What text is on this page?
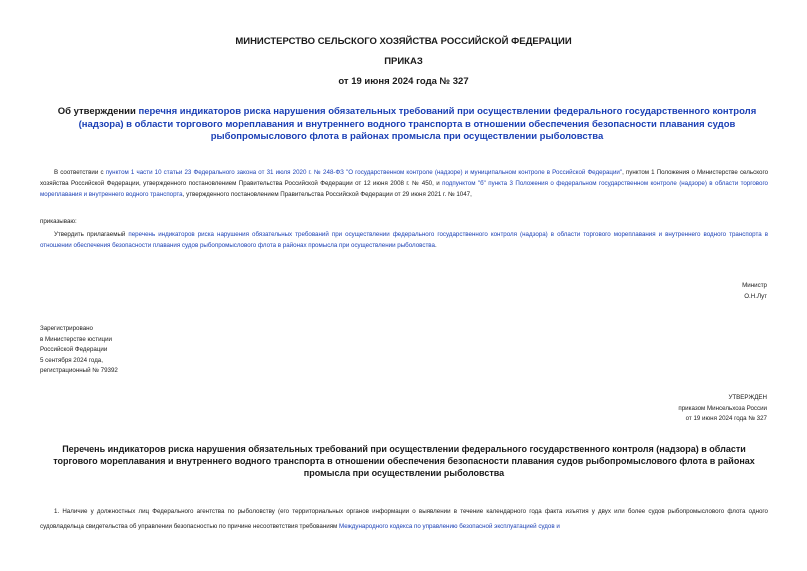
МИНИСТЕРСТВО СЕЛЬСКОГО ХОЗЯЙСТВА РОССИЙСКОЙ ФЕДЕРАЦИИ
ПРИКАЗ
от 19 июня 2024 года № 327
Об утверждении перечня индикаторов риска нарушения обязательных требований при осуществлении федерального государственного контроля (надзора) в области торгового мореплавания и внутреннего водного транспорта в отношении обеспечения безопасности плавания судов рыбопромыслового флота в районах промысла при осуществлении рыболовства
В соответствии с пунктом 1 части 10 статьи 23 Федерального закона от 31 июля 2020 г. № 248-ФЗ "О государственном контроле (надзоре) и муниципальном контроле в Российской Федерации", пунктом 1 Положения о Министерстве сельского хозяйства Российской Федерации, утвержденного постановлением Правительства Российской Федерации от 12 июня 2008 г. № 450, и подпунктом "б" пункта 3 Положения о федеральном государственном контроле (надзоре) в области торгового мореплавания и внутреннего водного транспорта, утвержденного постановлением Правительства Российской Федерации от 29 июня 2021 г. № 1047,
приказываю:
Утвердить прилагаемый перечень индикаторов риска нарушения обязательных требований при осуществлении федерального государственного контроля (надзора) в области торгового мореплавания и внутреннего водного транспорта в отношении обеспечения безопасности плавания судов рыбопромыслового флота в районах промысла при осуществлении рыболовства.
Министр
О.Н.Лут
Зарегистрировано
в Министерстве юстиции
Российской Федерации
5 сентября 2024 года,
регистрационный № 79392
УТВЕРЖДЕН
приказом Минсельхоза России
от 19 июня 2024 года № 327
Перечень индикаторов риска нарушения обязательных требований при осуществлении федерального государственного контроля (надзора) в области торгового мореплавания и внутреннего водного транспорта в отношении обеспечения безопасности плавания судов рыбопромыслового флота в районах промысла при осуществлении рыболовства
1. Наличие у должностных лиц Федерального агентства по рыболовству (его территориальных органов информации о выявлении в течение календарного года факта изъятия у двух или более судов рыбопромыслового флота одного судовладельца свидетельства об управлении безопасностью по причине несоответствия требованиям Международного кодекса по управлению безопасной эксплуатацией судов и
